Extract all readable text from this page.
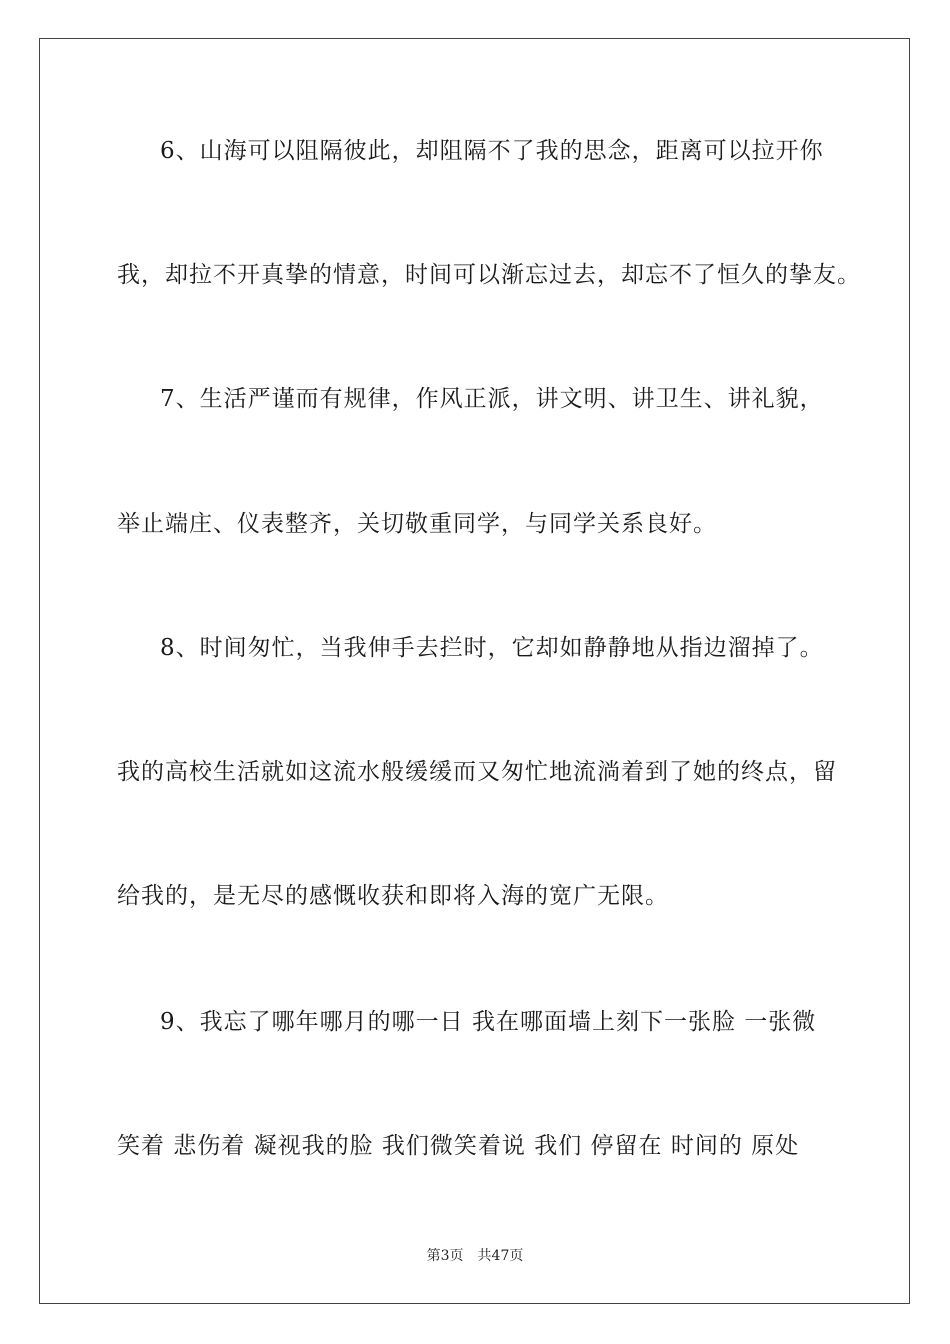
6、山海可以阻隔彼此，却阻隔不了我的思念，距离可以拉开你
我，却拉不开真挚的情意，时间可以渐忘过去，却忘不了恒久的挚友。
7、生活严谨而有规律，作风正派，讲文明、讲卫生、讲礼貌，
举止端庄、仪表整齐，关切敬重同学，与同学关系良好。
8、时间匆忙，当我伸手去拦时，它却如静静地从指边溜掉了。
我的高校生活就如这流水般缓缓而又匆忙地流淌着到了她的终点，留
给我的，是无尽的感慨收获和即将入海的宽广无限。
9、我忘了哪年哪月的哪一日 我在哪面墙上刻下一张脸 一张微
笑着 悲伤着 凝视我的脸 我们微笑着说 我们 停留在 时间的 原处
第3页 共47页
